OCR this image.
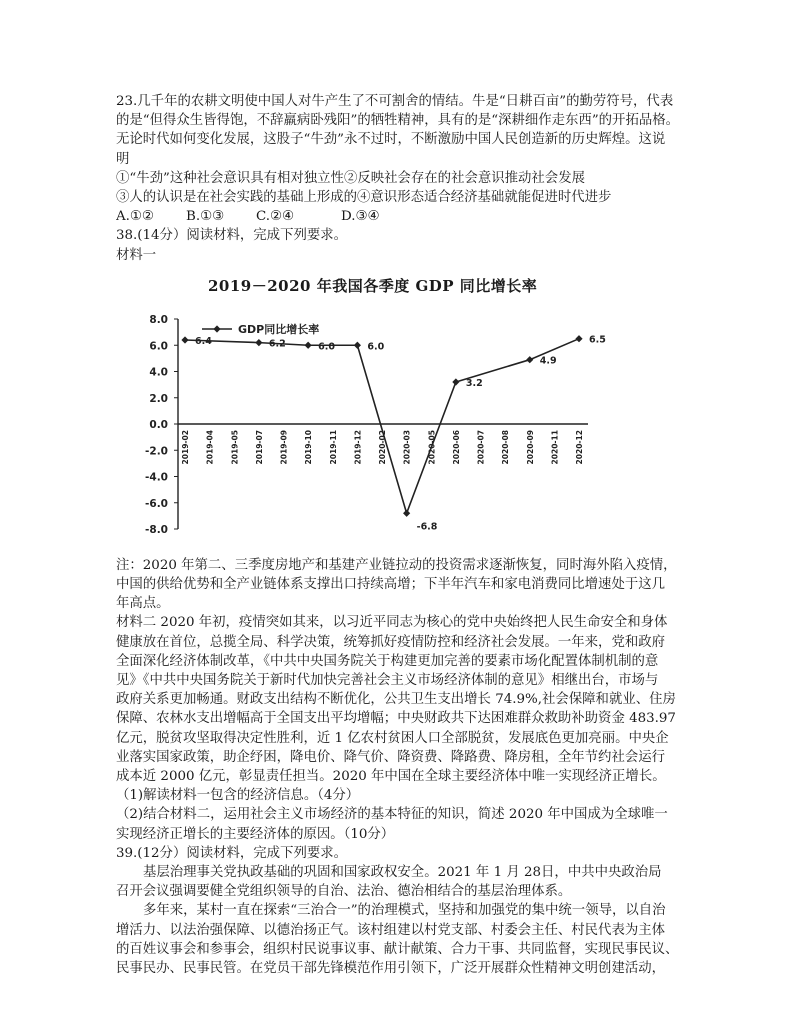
23.几千年的农耕文明使中国人对牛产生了不可割舍的情结。牛是“日耕百亩”的勤劳符号，代表
的是“但得众生皆得饱，不辞羸病卧残阳”的牺牲精神，具有的是“深耕细作走东西”的开拓品格。
无论时代如何变化发展，这股子“牛劲”永不过时，不断激励中国人民创造新的历史辉煌。这说
明
①“牛劲”这种社会意识具有相对独立性②反映社会存在的社会意识推动社会发展
③人的认识是在社会实践的基础上形成的④意识形态适合经济基础就能促进时代进步
A.①②	B.①③	C.②④	D.③④
38.(14分）阅读材料，完成下列要求。
材料一
2019－2020 年我国各季度 GDP 同比增长率
8.0
6.0
4.0
2.0
0.0
-2.0
-4.0
-6.0
-8.0
2019-02 2019-04 2019-05 2019-07 2019-09 2019-10 2019-11 2019-12 2020-02 2020-03 2020-05 2020-06 2020-07 2020-08 2020-09 2020-11 2020-12
6.4	6.2	6.0	6.0
-6.8
3.2
4.9
6.5
GDP同比增长率
注：2020 年第二、三季度房地产和基建产业链拉动的投资需求逐渐恢复，同时海外陷入疫情，
中国的供给优势和全产业链体系支撑出口持续高增；下半年汽车和家电消费同比增速处于这几
年高点。
材料二 2020 年初，疫情突如其来，以习近平同志为核心的党中央始终把人民生命安全和身体
健康放在首位，总揽全局、科学决策，统筹抓好疫情防控和经济社会发展。一年来，党和政府
全面深化经济体制改革，《中共中央国务院关于构建更加完善的要素市场化配置体制机制的意
见》《中共中央国务院关于新时代加快完善社会主义市场经济体制的意见》相继出台，市场与
政府关系更加畅通。财政支出结构不断优化，公共卫生支出增长 74.9%,社会保障和就业、住房
保障、农林水支出增幅高于全国支出平均增幅；中央财政共下达困难群众救助补助资金 483.97
亿元，脱贫攻坚取得决定性胜利，近 1 亿农村贫困人口全部脱贫，发展底色更加亮丽。中央企
业落实国家政策，助企纾困，降电价、降气价、降资费、降路费、降房租，全年节约社会运行
成本近 2000 亿元，彰显责任担当。2020 年中国在全球主要经济体中唯一实现经济正增长。
（1)解读材料一包含的经济信息。（4分）
（2)结合材料二，运用社会主义市场经济的基本特征的知识，简述 2020 年中国成为全球唯一
实现经济正增长的主要经济体的原因。（10分）
39.(12分）阅读材料，完成下列要求。
基层治理事关党执政基础的巩固和国家政权安全。2021 年 1 月 28日，中共中央政治局
召开会议强调要健全党组织领导的自治、法治、德治相结合的基层治理体系。
多年来，某村一直在探索“三治合一”的治理模式，坚持和加强党的集中统一领导，以自治
增活力、以法治强保障、以德治扬正气。该村组建以村党支部、村委会主任、村民代表为主体
的百姓议事会和参事会，组织村民说事议事、献计献策、合力干事、共同监督，实现民事民议、
民事民办、民事民管。在党员干部先锋模范作用引领下，广泛开展群众性精神文明创建活动，
